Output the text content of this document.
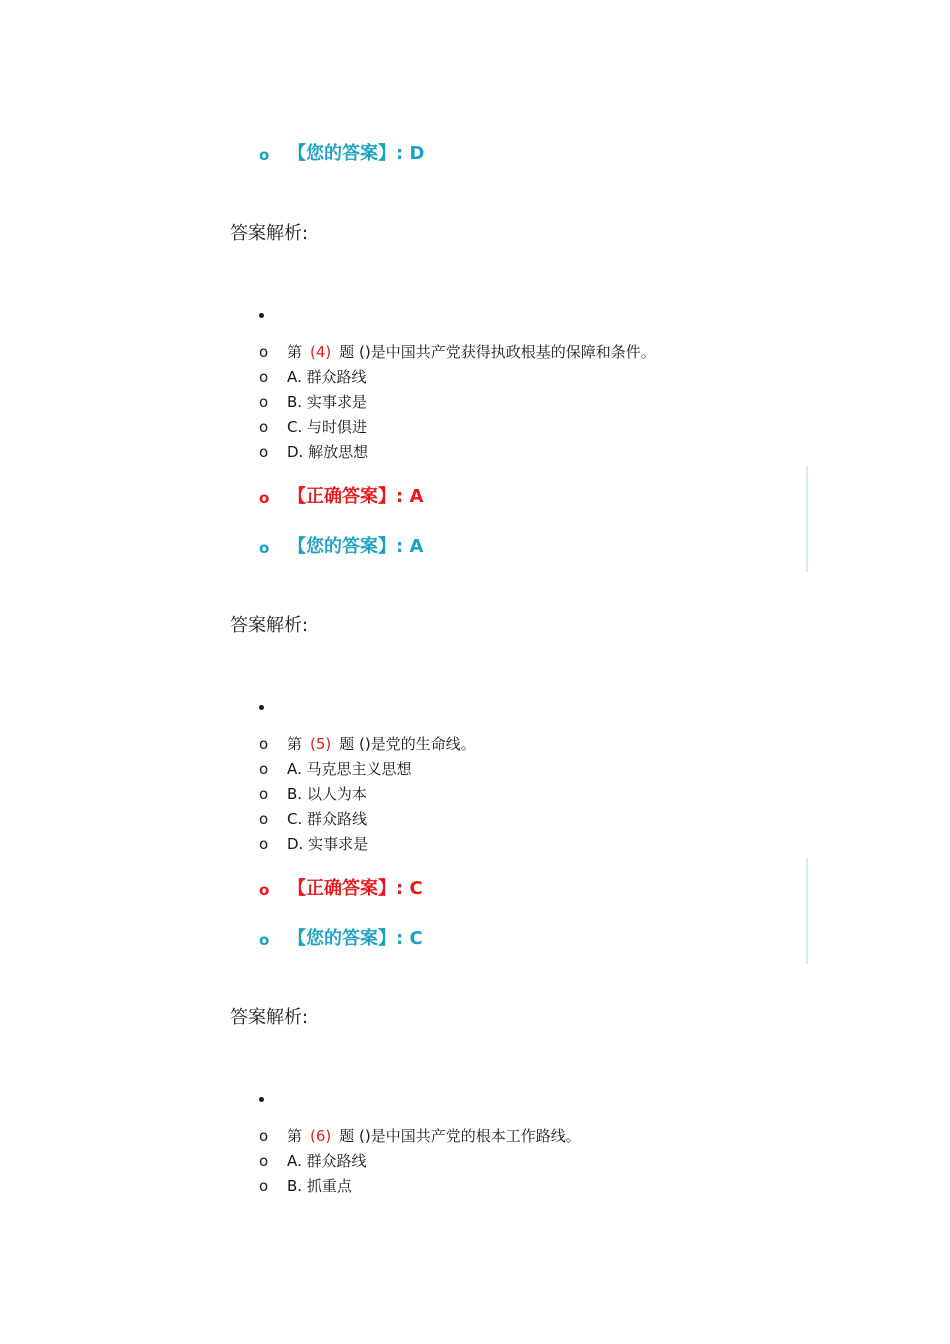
o 【您的答案】: D
答案解析:
o 第 (4) 题 ()是中国共产党获得执政根基的保障和条件。
o A. 群众路线
o B. 实事求是
o C. 与时俱进
o D. 解放思想
o 【正确答案】: A
o 【您的答案】: A
答案解析:
o 第 (5) 题 ()是党的生命线。
o A. 马克思主义思想
o B. 以人为本
o C. 群众路线
o D. 实事求是
o 【正确答案】: C
o 【您的答案】: C
答案解析:
o 第 (6) 题 ()是中国共产党的根本工作路线。
o A. 群众路线
o B. 抓重点
